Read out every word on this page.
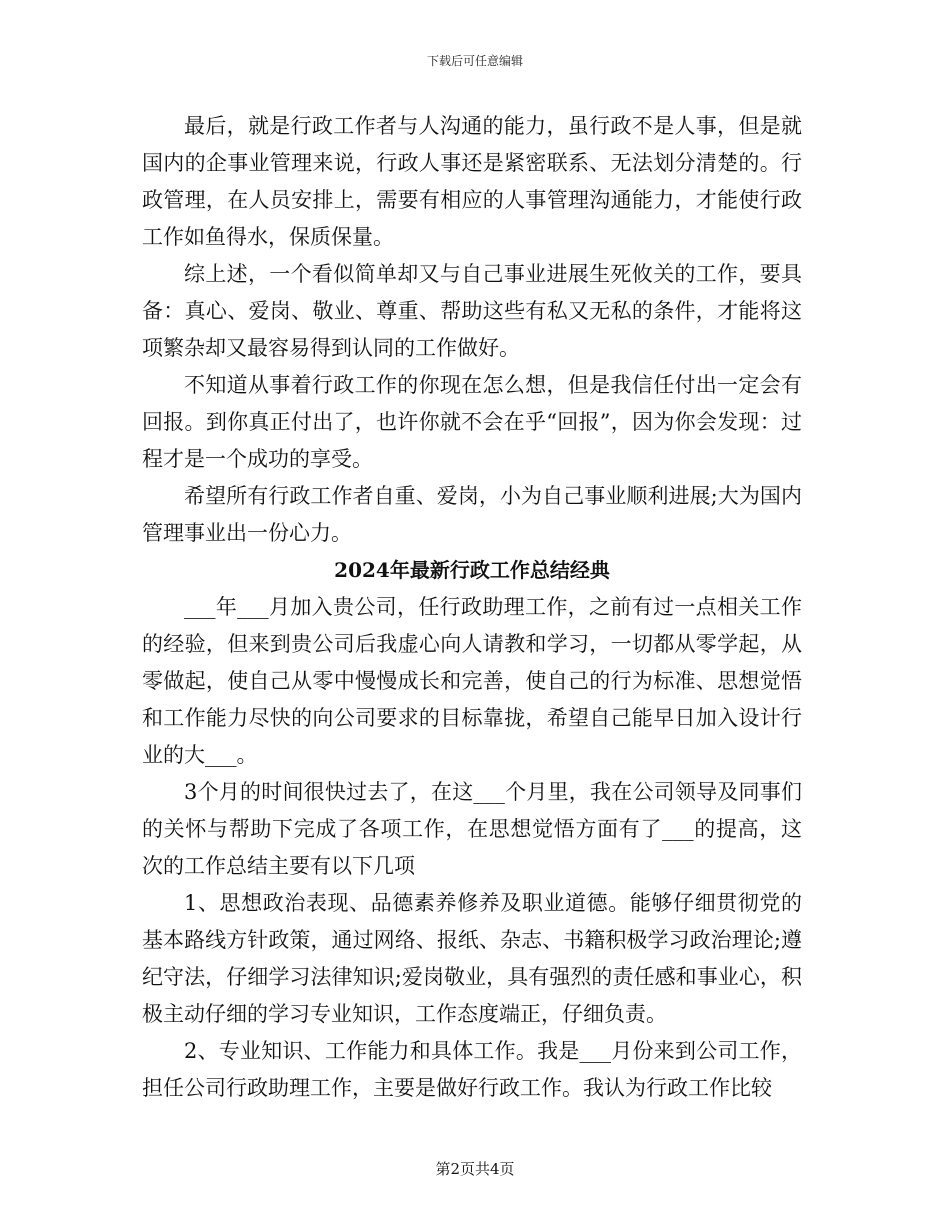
下载后可任意编辑

最后，就是行政工作者与人沟通的能力，虽行政不是人事，但是就国内的企事业管理来说，行政人事还是紧密联系、无法划分清楚的。行政管理，在人员安排上，需要有相应的人事管理沟通能力，才能使行政工作如鱼得水，保质保量。

综上述，一个看似简单却又与自己事业进展生死攸关的工作，要具备：真心、爱岗、敬业、尊重、帮助这些有私又无私的条件，才能将这项繁杂却又最容易得到认同的工作做好。

不知道从事着行政工作的你现在怎么想，但是我信任付出一定会有回报。到你真正付出了，也许你就不会在乎“回报”，因为你会发现：过程才是一个成功的享受。

希望所有行政工作者自重、爱岗，小为自己事业顺利进展;大为国内管理事业出一份心力。

2024年最新行政工作总结经典

___年___月加入贵公司，任行政助理工作，之前有过一点相关工作的经验，但来到贵公司后我虚心向人请教和学习，一切都从零学起，从零做起，使自己从零中慢慢成长和完善，使自己的行为标准、思想觉悟和工作能力尽快的向公司要求的目标靠拢，希望自己能早日加入设计行业的大___。

3个月的时间很快过去了，在这___个月里，我在公司领导及同事们的关怀与帮助下完成了各项工作，在思想觉悟方面有了___的提高，这次的工作总结主要有以下几项

1、思想政治表现、品德素养修养及职业道德。能够仔细贯彻党的基本路线方针政策，通过网络、报纸、杂志、书籍积极学习政治理论;遵纪守法，仔细学习法律知识;爱岗敬业，具有强烈的责任感和事业心，积极主动仔细的学习专业知识，工作态度端正，仔细负责。

2、专业知识、工作能力和具体工作。我是___月份来到公司工作，担任公司行政助理工作，主要是做好行政工作。我认为行政工作比较

第2页共4页
